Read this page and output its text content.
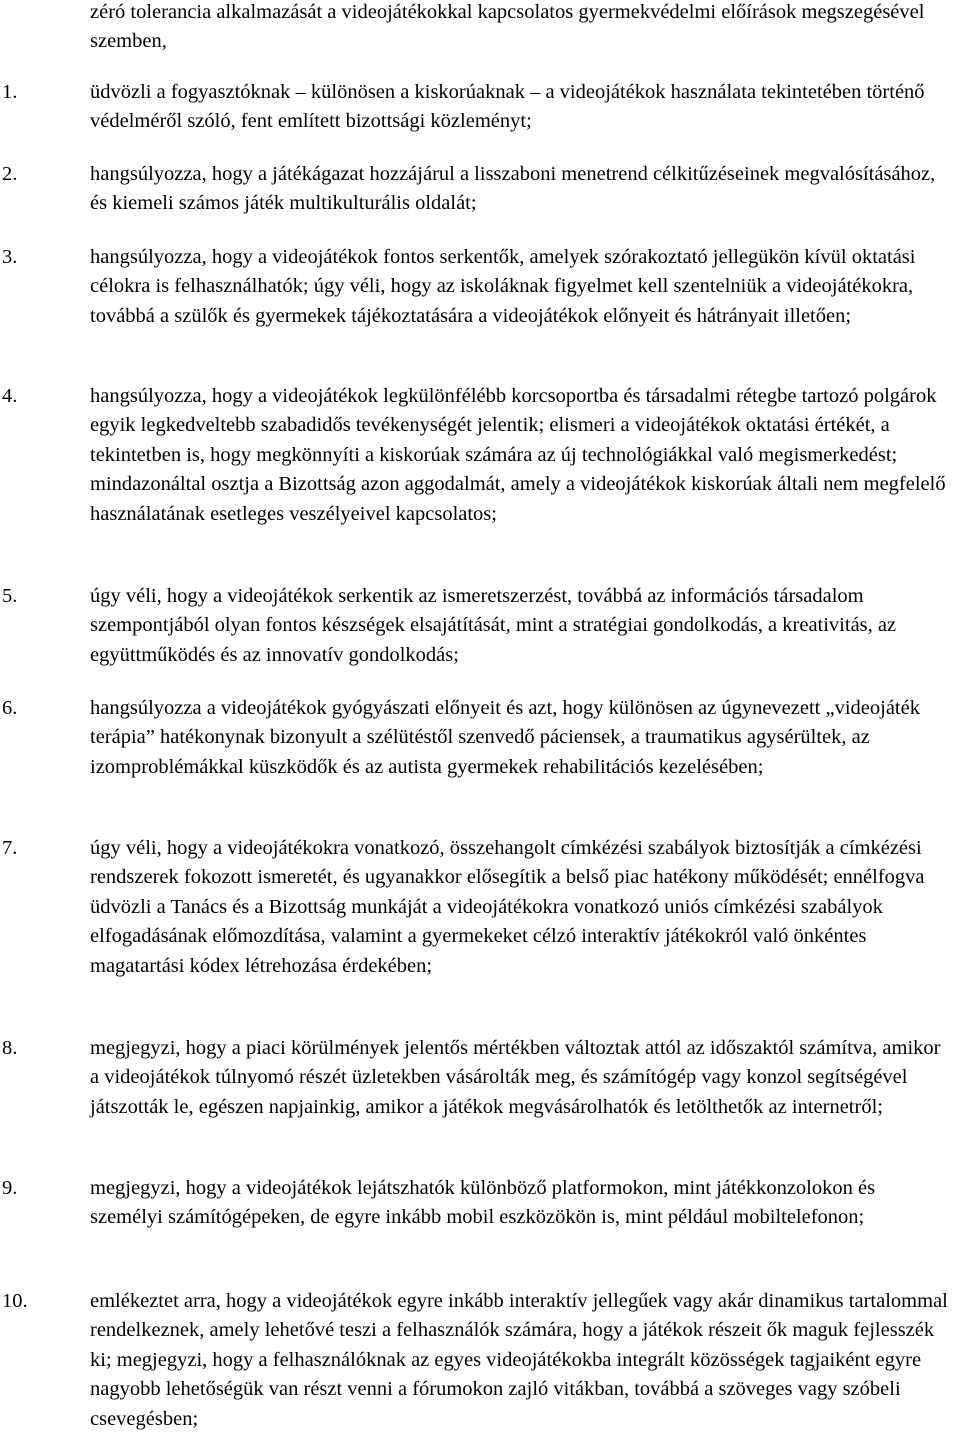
zéró tolerancia alkalmazását a videojátékokkal kapcsolatos gyermekvédelmi előírások megszegésével szemben,

1.	üdvözli a fogyasztóknak – különösen a kiskorúaknak – a videojátékok használata tekintetében történő védelméről szóló, fent említett bizottsági közleményt;

2.	hangsúlyozza, hogy a játékágazat hozzájárul a lisszaboni menetrend célkitűzéseinek megvalósításához, és kiemeli számos játék multikulturális oldalát;

3.	hangsúlyozza, hogy a videojátékok fontos serkentők, amelyek szórakoztató jellegükön kívül oktatási célokra is felhasználhatók; úgy véli, hogy az iskoláknak figyelmet kell szentelniük a videojátékokra, továbbá a szülők és gyermekek tájékoztatására a videojátékok előnyeit és hátrányait illetően;

4.	hangsúlyozza, hogy a videojátékok legkülönfélébb korcsoportba és társadalmi rétegbe tartozó polgárok egyik legkedveltebb szabadidős tevékenységét jelentik; elismeri a videojátékok oktatási értékét, a tekintetben is, hogy megkönnyíti a kiskorúak számára az új technológiákkal való megismerkedést; mindazonáltal osztja a Bizottság azon aggodalmát, amely a videojátékok kiskorúak általi nem megfelelő használatának esetleges veszélyeivel kapcsolatos;

5.	úgy véli, hogy a videojátékok serkentik az ismeretszerzést, továbbá az információs társadalom szempontjából olyan fontos készségek elsajátítását, mint a stratégiai gondolkodás, a kreativitás, az együttműködés és az innovatív gondolkodás;

6.	hangsúlyozza a videojátékok gyógyászati előnyeit és azt, hogy különösen az úgynevezett „videojáték terápia” hatékonynak bizonyult a szélütéstől szenvedő páciensek, a traumatikus agysérültek, az izomproblémákkal küszködők és az autista gyermekek rehabilitációs kezelésében;

7.	úgy véli, hogy a videojátékokra vonatkozó, összehangolt címkézési szabályok biztosítják a címkézési rendszerek fokozott ismeretét, és ugyanakkor elősegítik a belső piac hatékony működését; ennélfogva üdvözli a Tanács és a Bizottság munkáját a videojátékokra vonatkozó uniós címkézési szabályok elfogadásának előmozdítása, valamint a gyermekeket célzó interaktív játékokról való önkéntes magatartási kódex létrehozása érdekében;

8.	megjegyzi, hogy a piaci körülmények jelentős mértékben változtak attól az időszaktól számítva, amikor a videojátékok túlnyomó részét üzletekben vásárolták meg, és számítógép vagy konzol segítségével játszották le, egészen napjainkig, amikor a játékok megvásárolhatók és letölthetők az internetről;

9.	megjegyzi, hogy a videojátékok lejátszhatók különböző platformokon, mint játékkonzolokon és személyi számítógépeken, de egyre inkább mobil eszközökön is, mint például mobiltelefonon;

10.	emlékeztet arra, hogy a videojátékok egyre inkább interaktív jellegűek vagy akár dinamikus tartalommal rendelkeznek, amely lehetővé teszi a felhasználók számára, hogy a játékok részeit ők maguk fejlesszék ki; megjegyzi, hogy a felhasználóknak az egyes videojátékokba integrált közösségek tagjaiként egyre nagyobb lehetőségük van részt venni a fórumokon zajló vitákban, továbbá a szöveges vagy szóbeli csevegésben;
